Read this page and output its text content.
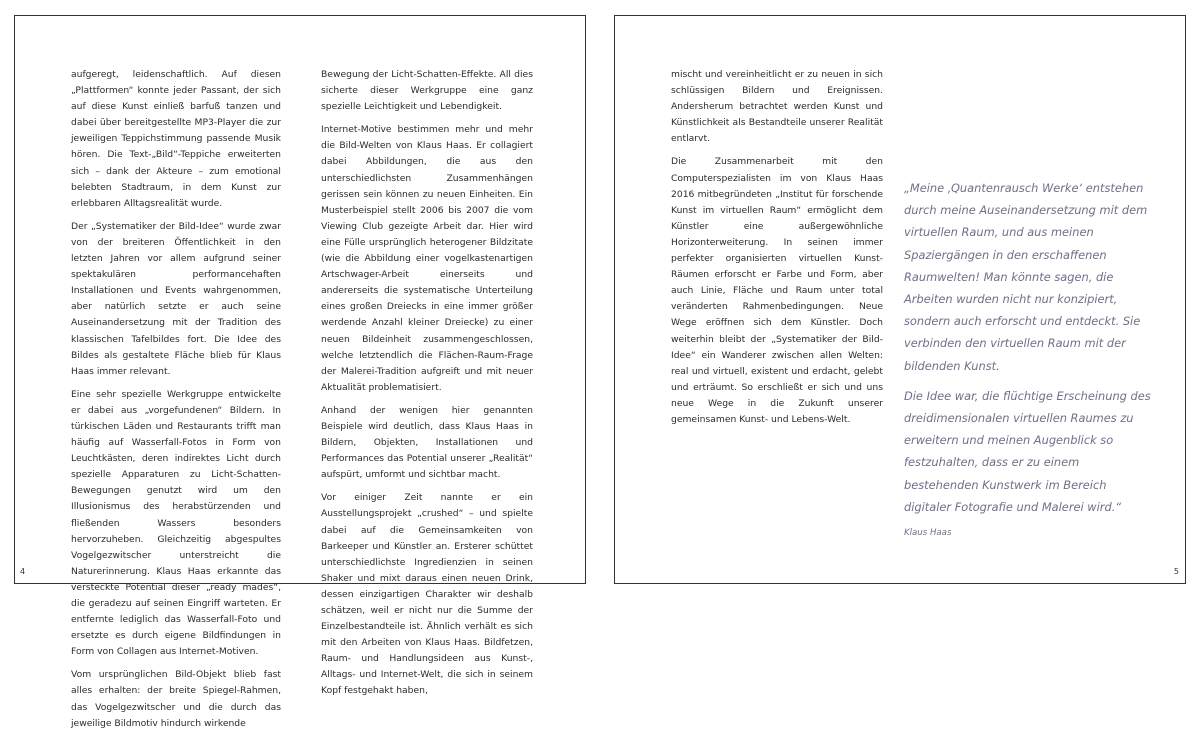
aufgeregt, leidenschaftlich. Auf diesen „Plattformen“ konnte jeder Passant, der sich auf diese Kunst einließ barfuß tanzen und dabei über bereitgestellte MP3-Player die zur jeweiligen Teppichstimmung passende Musik hören. Die Text-„Bild“-Teppiche erweiterten sich – dank der Akteure – zum emotional belebten Stadtraum, in dem Kunst zur erlebbaren Alltagsrealität wurde.

Der „Systematiker der Bild-Idee“ wurde zwar von der breiteren Öffentlichkeit in den letzten Jahren vor allem aufgrund seiner spektakulären performancehaften Installationen und Events wahrgenommen, aber natürlich setzte er auch seine Auseinandersetzung mit der Tradition des klassischen Tafelbildes fort. Die Idee des Bildes als gestaltete Fläche blieb für Klaus Haas immer relevant.

Eine sehr spezielle Werkgruppe entwickelte er dabei aus „vorgefundenen“ Bildern. In türkischen Läden und Restaurants trifft man häufig auf Wasserfall-Fotos in Form von Leuchtkästen, deren indirektes Licht durch spezielle Apparaturen zu Licht-Schatten-Bewegungen genutzt wird um den Illusionismus des herabstürzenden und fließenden Wassers besonders hervorzuheben. Gleichzeitig abgespultes Vogelgezwitscher unterstreicht die Naturerinnerung. Klaus Haas erkannte das versteckte Potential dieser „ready mades“, die geradezu auf seinen Eingriff warteten. Er entfernte lediglich das Wasserfall-Foto und ersetzte es durch eigene Bildfindungen in Form von Collagen aus Internet-Motiven.

Vom ursprünglichen Bild-Objekt blieb fast alles erhalten: der breite Spiegel-Rahmen, das Vogelgezwitscher und die durch das jeweilige Bildmotiv hindurch wirkende

Bewegung der Licht-Schatten-Effekte. All dies sicherte dieser Werkgruppe eine ganz spezielle Leichtigkeit und Lebendigkeit.

Internet-Motive bestimmen mehr und mehr die Bild-Welten von Klaus Haas. Er collagiert dabei Abbildungen, die aus den unterschiedlichsten Zusammenhängen gerissen sein können zu neuen Einheiten. Ein Musterbeispiel stellt 2006 bis 2007 die vom Viewing Club gezeigte Arbeit dar. Hier wird eine Fülle ursprünglich heterogener Bildzitate (wie die Abbildung einer vogelkastenartigen Artschwager-Arbeit einerseits und andererseits die systematische Unterteilung eines großen Dreiecks in eine immer größer werdende Anzahl kleiner Dreiecke) zu einer neuen Bildeinheit zusammengeschlossen, welche letztendlich die Flächen-Raum-Frage der Malerei-Tradition aufgreift und mit neuer Aktualität problematisiert.

Anhand der wenigen hier genannten Beispiele wird deutlich, dass Klaus Haas in Bildern, Objekten, Installationen und Performances das Potential unserer „Realität“ aufspürt, umformt und sichtbar macht.

Vor einiger Zeit nannte er ein Ausstellungsprojekt „crushed“ – und spielte dabei auf die Gemeinsamkeiten von Barkeeper und Künstler an. Ersterer schüttet unterschiedlichste Ingredienzien in seinen Shaker und mixt daraus einen neuen Drink, dessen einzigartigen Charakter wir deshalb schätzen, weil er nicht nur die Summe der Einzelbestandteile ist. Ähnlich verhält es sich mit den Arbeiten von Klaus Haas. Bildfetzen, Raum- und Handlungsideen aus Kunst-, Alltags- und Internet-Welt, die sich in seinem Kopf festgehakt haben,

4

mischt und vereinheitlicht er zu neuen in sich schlüssigen Bildern und Ereignissen. Andersherum betrachtet werden Kunst und Künstlichkeit als Bestandteile unserer Realität entlarvt.

Die Zusammenarbeit mit den Computerspezialisten im von Klaus Haas 2016 mitbegründeten „Institut für forschende Kunst im virtuellen Raum“ ermöglicht dem Künstler eine außergewöhnliche Horizonterweiterung. In seinen immer perfekter organisierten virtuellen Kunst-Räumen erforscht er Farbe und Form, aber auch Linie, Fläche und Raum unter total veränderten Rahmenbedingungen. Neue Wege eröffnen sich dem Künstler. Doch weiterhin bleibt der „Systematiker der Bild-Idee“ ein Wanderer zwischen allen Welten: real und virtuell, existent und erdacht, gelebt und erträumt. So erschließt er sich und uns neue Wege in die Zukunft unserer gemeinsamen Kunst- und Lebens-Welt.

„Meine ‚Quantenrausch Werke‘ entstehen durch meine Auseinandersetzung mit dem virtuellen Raum, und aus meinen Spaziergängen in den erschaffenen Raumwelten! Man könnte sagen, die Arbeiten wurden nicht nur konzipiert, sondern auch erforscht und entdeckt. Sie verbinden den virtuellen Raum mit der bildenden Kunst.

Die Idee war, die flüchtige Erscheinung des dreidimensionalen virtuellen Raumes zu erweitern und meinen Augenblick so festzuhalten, dass er zu einem bestehenden Kunstwerk im Bereich digitaler Fotografie und Malerei wird.“

Klaus Haas
5
